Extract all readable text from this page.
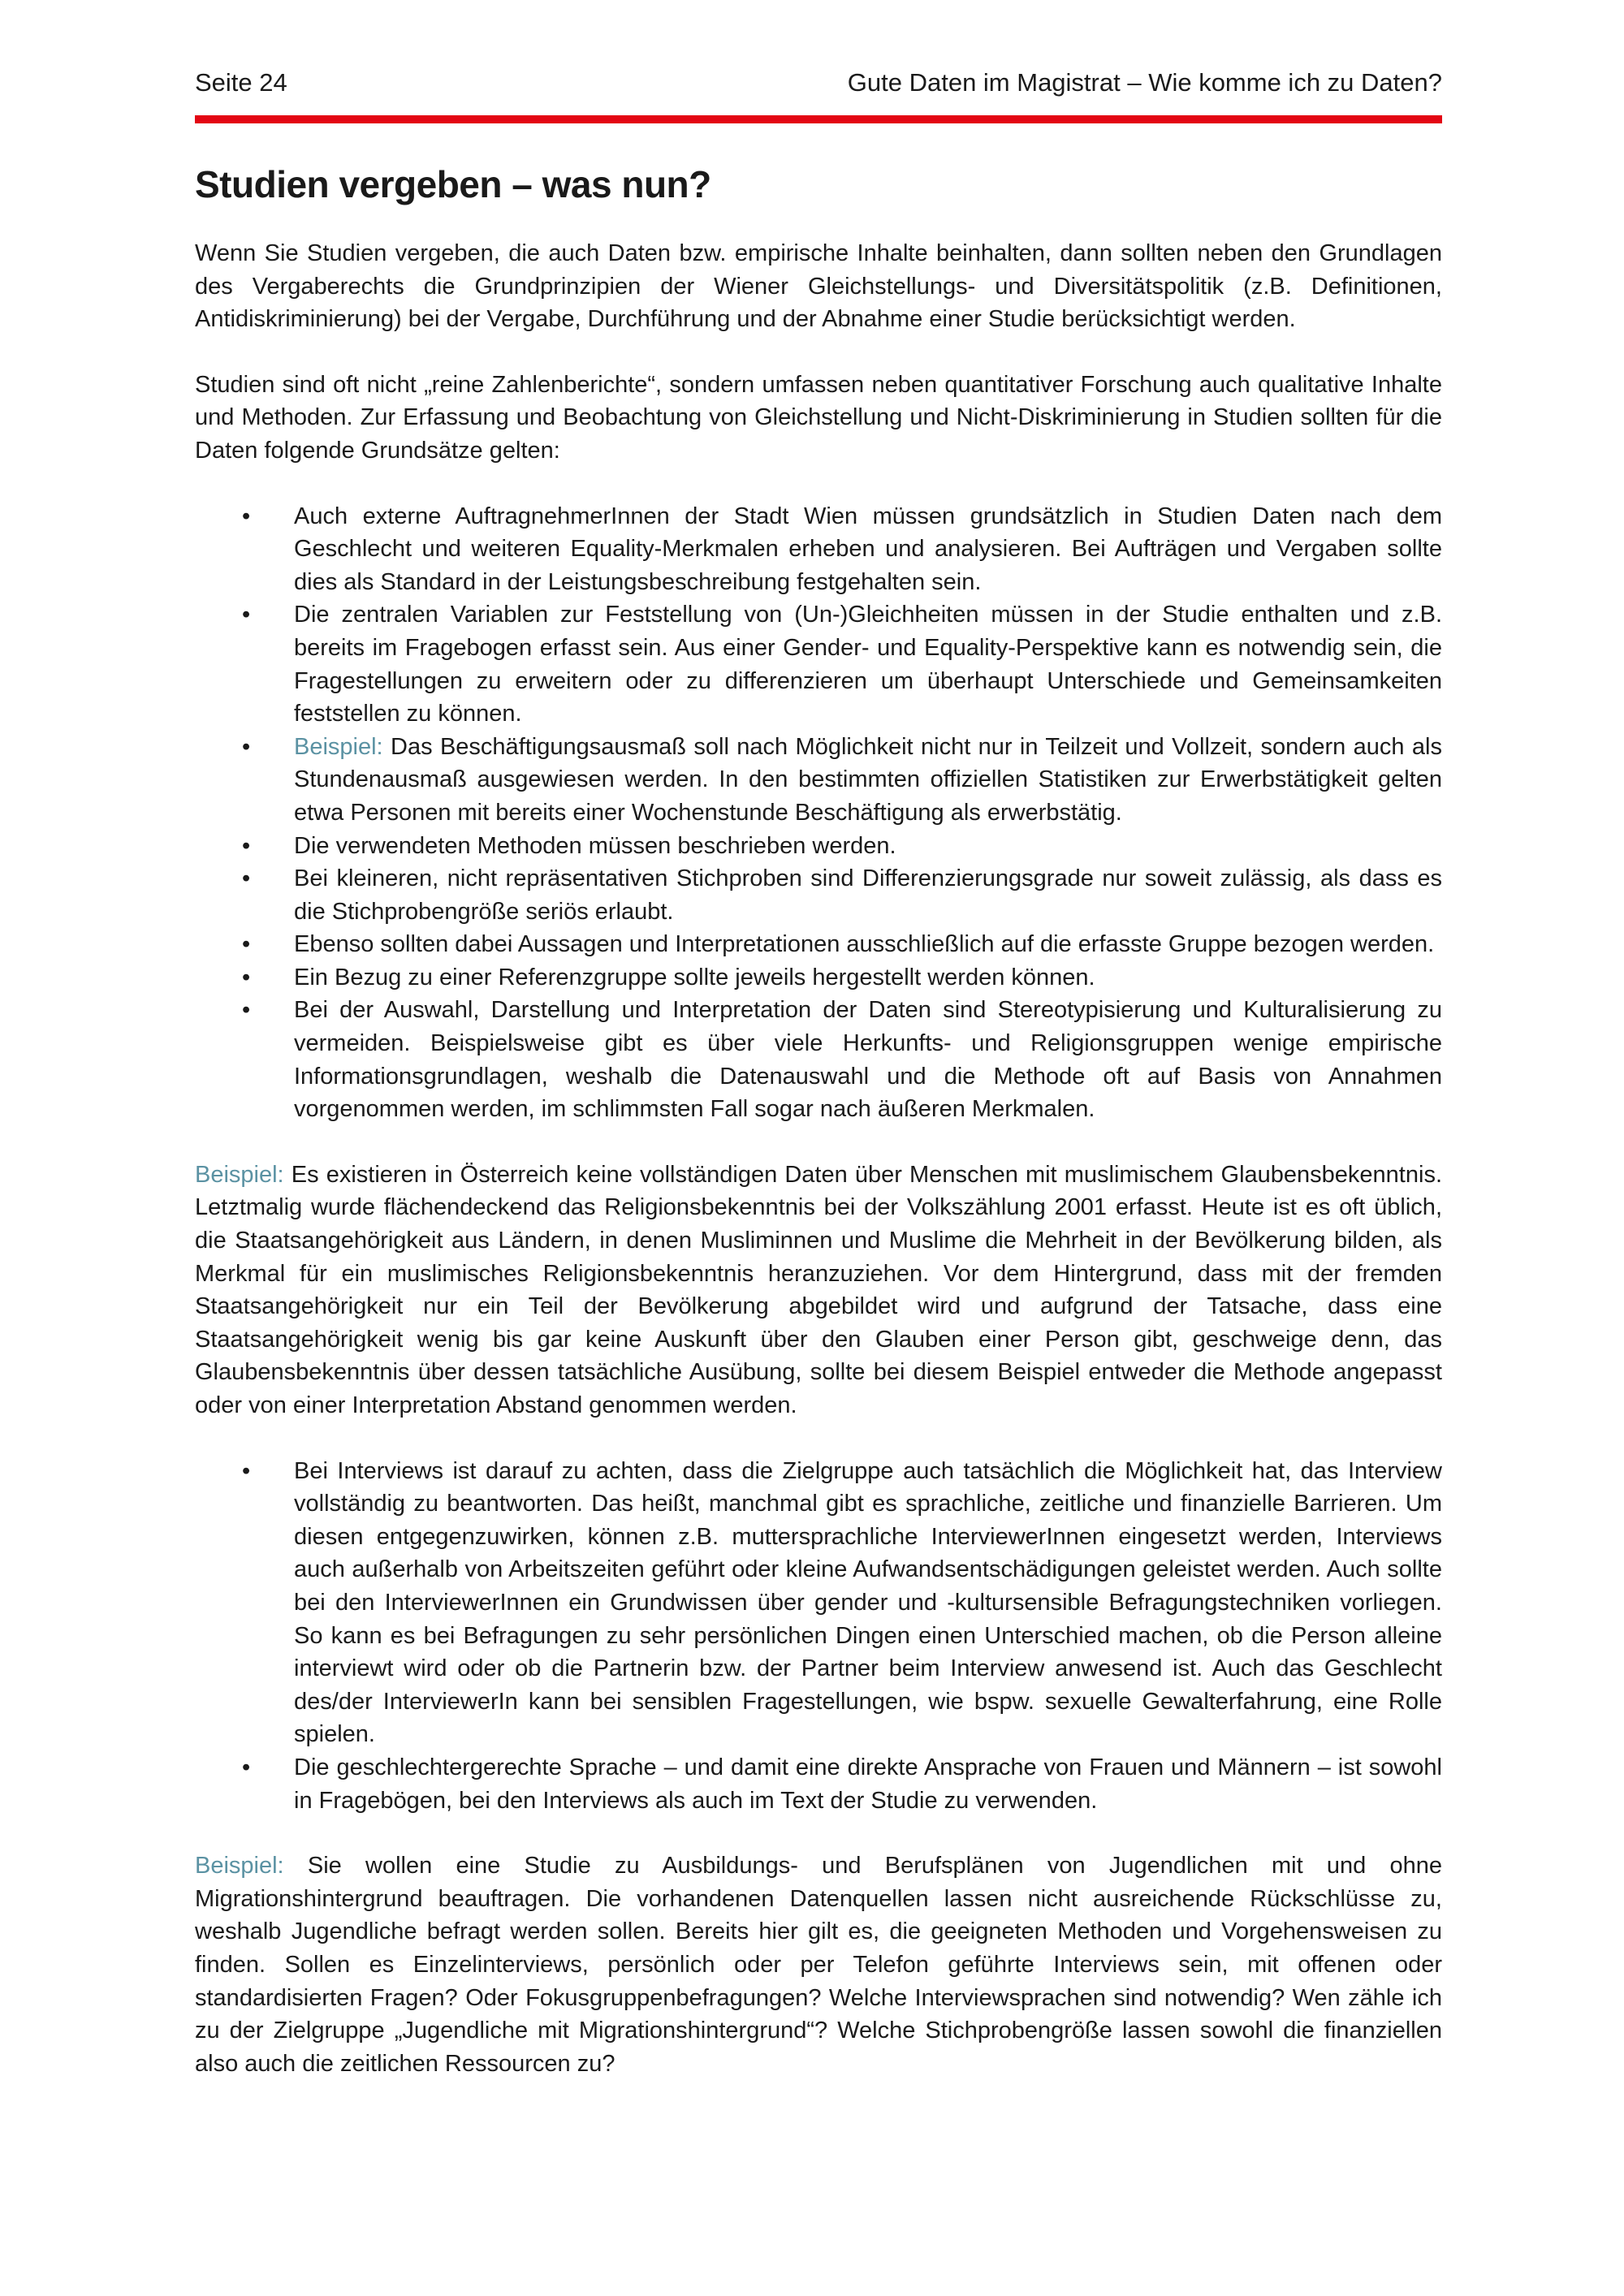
Seite 24	Gute Daten im Magistrat – Wie komme ich zu Daten?
Studien vergeben – was nun?

Wenn Sie Studien vergeben, die auch Daten bzw. empirische Inhalte beinhalten, dann sollten neben den Grundlagen des Vergaberechts die Grundprinzipien der Wiener Gleichstellungs- und Diversitätspolitik (z.B. Definitionen, Antidiskriminierung) bei der Vergabe, Durchführung und der Abnahme einer Studie berücksichtigt werden.

Studien sind oft nicht „reine Zahlenberichte“, sondern umfassen neben quantitativer Forschung auch qualitative Inhalte und Methoden. Zur Erfassung und Beobachtung von Gleichstellung und Nicht-Diskriminierung in Studien sollten für die Daten folgende Grundsätze gelten:

• Auch externe AuftragnehmerInnen der Stadt Wien müssen grundsätzlich in Studien Daten nach dem Geschlecht und weiteren Equality-Merkmalen erheben und analysieren. Bei Aufträgen und Vergaben sollte dies als Standard in der Leistungsbeschreibung festgehalten sein.
• Die zentralen Variablen zur Feststellung von (Un-)Gleichheiten müssen in der Studie enthalten und z.B. bereits im Fragebogen erfasst sein. Aus einer Gender- und Equality-Perspektive kann es notwendig sein, die Fragestellungen zu erweitern oder zu differenzieren um überhaupt Unterschiede und Gemeinsamkeiten feststellen zu können.
• Beispiel: Das Beschäftigungsausmaß soll nach Möglichkeit nicht nur in Teilzeit und Vollzeit, sondern auch als Stundenausmaß ausgewiesen werden. In den bestimmten offiziellen Statistiken zur Erwerbstätigkeit gelten etwa Personen mit bereits einer Wochenstunde Beschäftigung als erwerbstätig.
• Die verwendeten Methoden müssen beschrieben werden.
• Bei kleineren, nicht repräsentativen Stichproben sind Differenzierungsgrade nur soweit zulässig, als dass es die Stichprobengröße seriös erlaubt.
• Ebenso sollten dabei Aussagen und Interpretationen ausschließlich auf die erfasste Gruppe bezogen werden.
• Ein Bezug zu einer Referenzgruppe sollte jeweils hergestellt werden können.
• Bei der Auswahl, Darstellung und Interpretation der Daten sind Stereotypisierung und Kulturalisierung zu vermeiden. Beispielsweise gibt es über viele Herkunfts- und Religionsgruppen wenige empirische Informationsgrundlagen, weshalb die Datenauswahl und die Methode oft auf Basis von Annahmen vorgenommen werden, im schlimmsten Fall sogar nach äußeren Merkmalen.

Beispiel: Es existieren in Österreich keine vollständigen Daten über Menschen mit muslimischem Glaubensbekenntnis. Letztmalig wurde flächendeckend das Religionsbekenntnis bei der Volkszählung 2001 erfasst. Heute ist es oft üblich, die Staatsangehörigkeit aus Ländern, in denen Musliminnen und Muslime die Mehrheit in der Bevölkerung bilden, als Merkmal für ein muslimisches Religionsbekenntnis heranzuziehen. Vor dem Hintergrund, dass mit der fremden Staatsangehörigkeit nur ein Teil der Bevölkerung abgebildet wird und aufgrund der Tatsache, dass eine Staatsangehörigkeit wenig bis gar keine Auskunft über den Glauben einer Person gibt, geschweige denn, das Glaubensbekenntnis über dessen tatsächliche Ausübung, sollte bei diesem Beispiel entweder die Methode angepasst oder von einer Interpretation Abstand genommen werden.

• Bei Interviews ist darauf zu achten, dass die Zielgruppe auch tatsächlich die Möglichkeit hat, das Interview vollständig zu beantworten. Das heißt, manchmal gibt es sprachliche, zeitliche und finanzielle Barrieren. Um diesen entgegenzuwirken, können z.B. muttersprachliche InterviewerInnen eingesetzt werden, Interviews auch außerhalb von Arbeitszeiten geführt oder kleine Aufwandsentschädigungen geleistet werden. Auch sollte bei den InterviewerInnen ein Grundwissen über gender und -kultursensible Befragungstechniken vorliegen. So kann es bei Befragungen zu sehr persönlichen Dingen einen Unterschied machen, ob die Person alleine interviewt wird oder ob die Partnerin bzw. der Partner beim Interview anwesend ist. Auch das Geschlecht des/der InterviewerIn kann bei sensiblen Fragestellungen, wie bspw. sexuelle Gewalterfahrung, eine Rolle spielen.
• Die geschlechtergerechte Sprache – und damit eine direkte Ansprache von Frauen und Männern – ist sowohl in Fragebögen, bei den Interviews als auch im Text der Studie zu verwenden.

Beispiel: Sie wollen eine Studie zu Ausbildungs- und Berufsplänen von Jugendlichen mit und ohne Migrationshintergrund beauftragen. Die vorhandenen Datenquellen lassen nicht ausreichende Rückschlüsse zu, weshalb Jugendliche befragt werden sollen. Bereits hier gilt es, die geeigneten Methoden und Vorgehensweisen zu finden. Sollen es Einzelinterviews, persönlich oder per Telefon geführte Interviews sein, mit offenen oder standardisierten Fragen? Oder Fokusgruppenbefragungen? Welche Interviewsprachen sind notwendig? Wen zähle ich zu der Zielgruppe „Jugendliche mit Migrationshintergrund“? Welche Stichprobengröße lassen sowohl die finanziellen also auch die zeitlichen Ressourcen zu?
